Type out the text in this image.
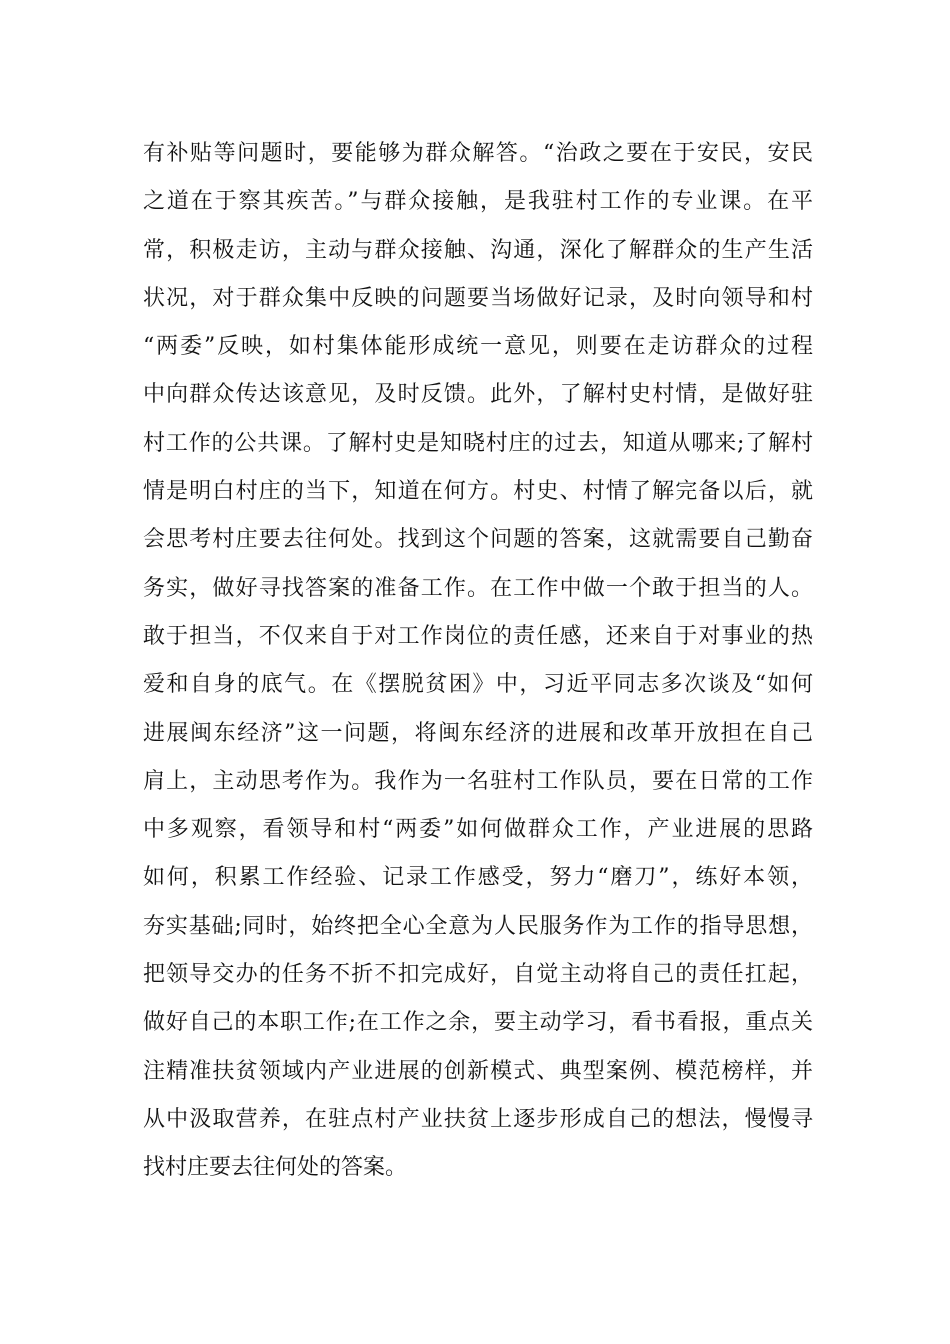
有补贴等问题时，要能够为群众解答。“治政之要在于安民，安民
之道在于察其疾苦。”与群众接触，是我驻村工作的专业课。在平
常，积极走访，主动与群众接触、沟通，深化了解群众的生产生活
状况，对于群众集中反映的问题要当场做好记录，及时向领导和村
“两委”反映，如村集体能形成统一意见，则要在走访群众的过程
中向群众传达该意见，及时反馈。此外，了解村史村情，是做好驻
村工作的公共课。了解村史是知晓村庄的过去，知道从哪来;了解村
情是明白村庄的当下，知道在何方。村史、村情了解完备以后，就
会思考村庄要去往何处。找到这个问题的答案，这就需要自己勤奋
务实，做好寻找答案的准备工作。在工作中做一个敢于担当的人。
敢于担当，不仅来自于对工作岗位的责任感，还来自于对事业的热
爱和自身的底气。在《摆脱贫困》中，习近平同志多次谈及“如何
进展闽东经济”这一问题，将闽东经济的进展和改革开放担在自己
肩上，主动思考作为。我作为一名驻村工作队员，要在日常的工作
中多观察，看领导和村“两委”如何做群众工作，产业进展的思路
如何，积累工作经验、记录工作感受，努力“磨刀”，练好本领，
夯实基础;同时，始终把全心全意为人民服务作为工作的指导思想，
把领导交办的任务不折不扣完成好，自觉主动将自己的责任扛起，
做好自己的本职工作;在工作之余，要主动学习，看书看报，重点关
注精准扶贫领域内产业进展的创新模式、典型案例、模范榜样，并
从中汲取营养，在驻点村产业扶贫上逐步形成自己的想法，慢慢寻
找村庄要去往何处的答案。
